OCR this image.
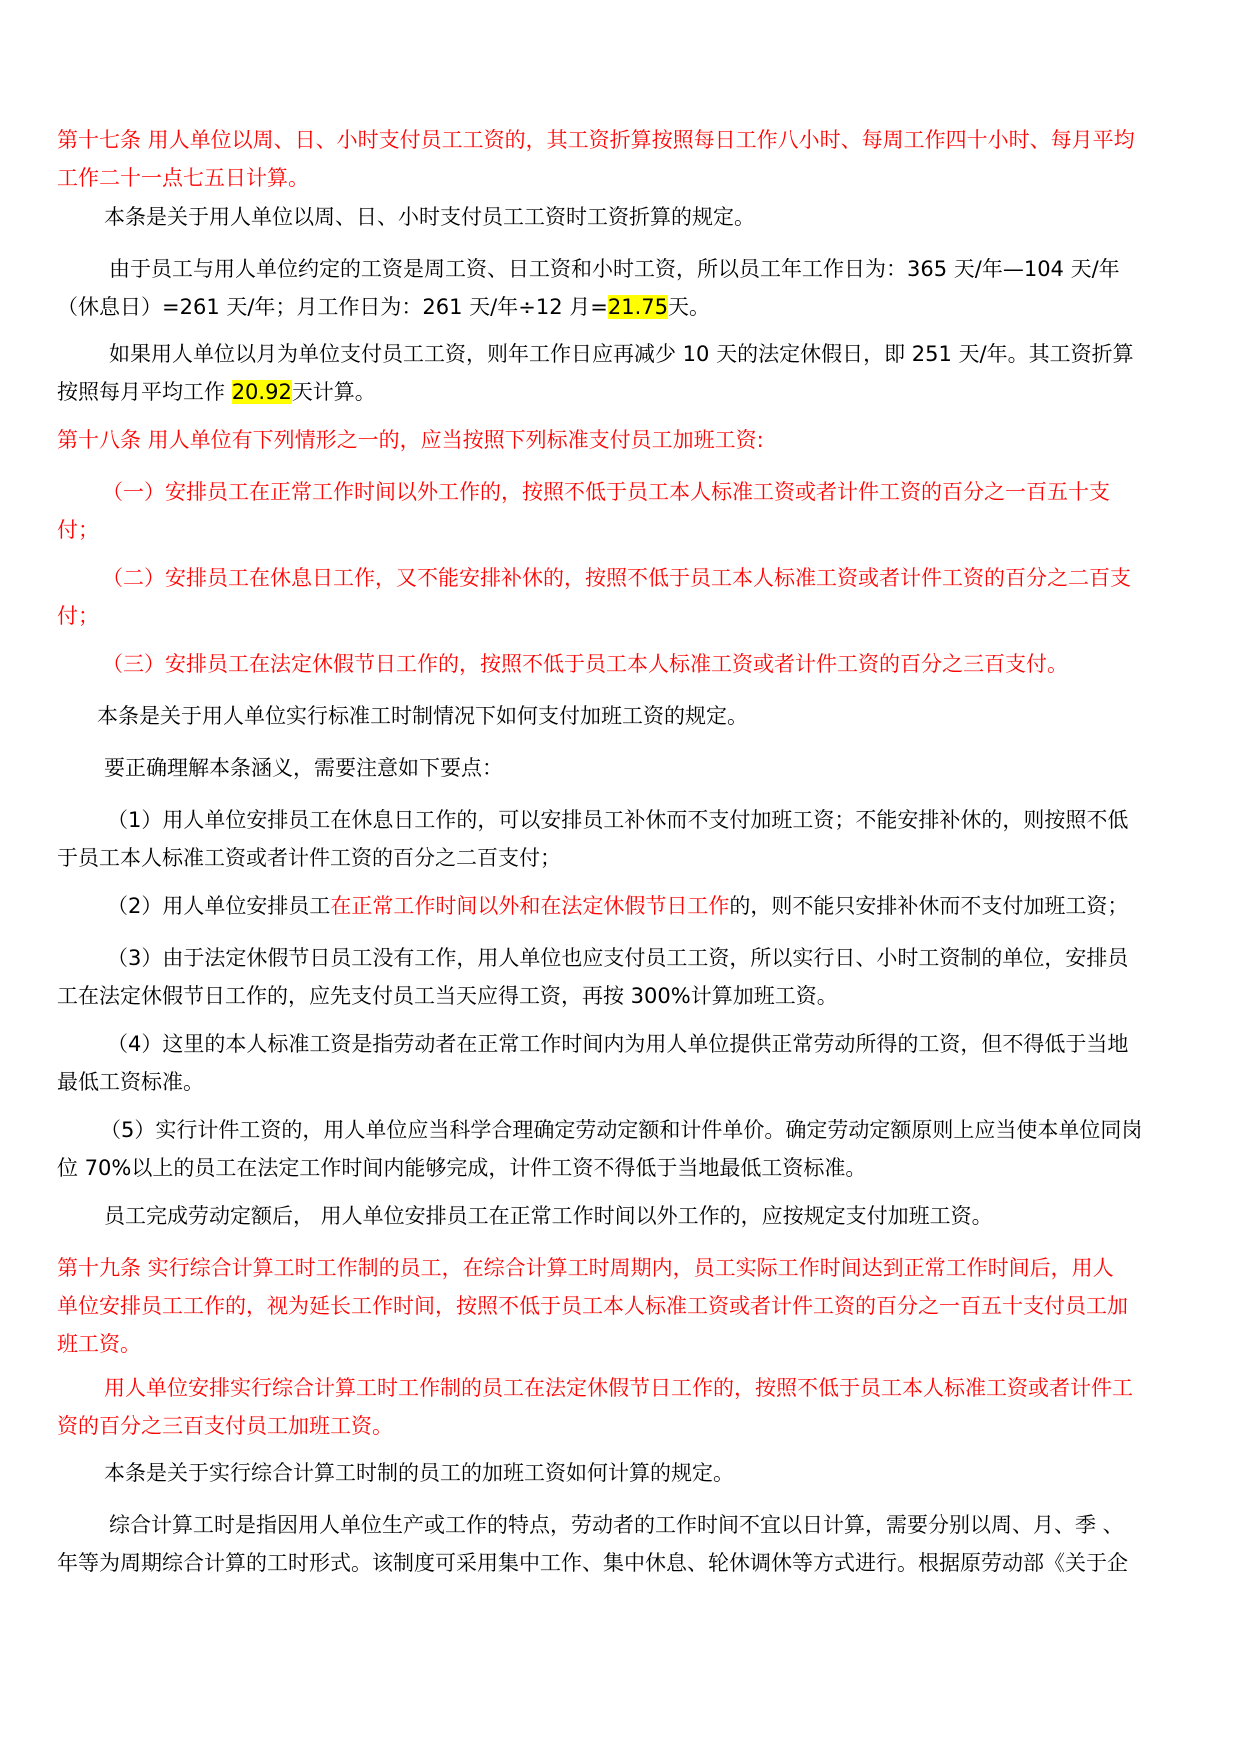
第十七条 用人单位以周、日、小时支付员工工资的，其工资折算按照每日工作八小时、每周工作四十小时、每月平均
工作二十一点七五日计算。
本条是关于用人单位以周、日、小时支付员工工资时工资折算的规定。
由于员工与用人单位约定的工资是周工资、日工资和小时工资，所以员工年工作日为：365 天/年—104 天/年
（休息日）=261 天/年；月工作日为：261 天/年÷12 月=21.75天。
如果用人单位以月为单位支付员工工资，则年工作日应再减少 10 天的法定休假日，即 251 天/年。其工资折算
按照每月平均工作 20.92天计算。
第十八条 用人单位有下列情形之一的，应当按照下列标准支付员工加班工资:
（一）安排员工在正常工作时间以外工作的，按照不低于员工本人标准工资或者计件工资的百分之一百五十支
付；
（二）安排员工在休息日工作，又不能安排补休的，按照不低于员工本人标准工资或者计件工资的百分之二百支
付；
（三）安排员工在法定休假节日工作的，按照不低于员工本人标准工资或者计件工资的百分之三百支付。
本条是关于用人单位实行标准工时制情况下如何支付加班工资的规定。
要正确理解本条涵义，需要注意如下要点：
（1）用人单位安排员工在休息日工作的，可以安排员工补休而不支付加班工资；不能安排补休的，则按照不低
于员工本人标准工资或者计件工资的百分之二百支付；
（2）用人单位安排员工在正常工作时间以外和在法定休假节日工作的，则不能只安排补休而不支付加班工资；
（3）由于法定休假节日员工没有工作，用人单位也应支付员工工资，所以实行日、小时工资制的单位，安排员
工在法定休假节日工作的，应先支付员工当天应得工资，再按 300%计算加班工资。
（4）这里的本人标准工资是指劳动者在正常工作时间内为用人单位提供正常劳动所得的工资，但不得低于当地
最低工资标准。
（5）实行计件工资的，用人单位应当科学合理确定劳动定额和计件单价。确定劳动定额原则上应当使本单位同岗
位 70%以上的员工在法定工作时间内能够完成，计件工资不得低于当地最低工资标准。
员工完成劳动定额后， 用人单位安排员工在正常工作时间以外工作的，应按规定支付加班工资。
第十九条 实行综合计算工时工作制的员工，在综合计算工时周期内，员工实际工作时间达到正常工作时间后，用人
单位安排员工工作的，视为延长工作时间，按照不低于员工本人标准工资或者计件工资的百分之一百五十支付员工加
班工资。
用人单位安排实行综合计算工时工作制的员工在法定休假节日工作的，按照不低于员工本人标准工资或者计件工
资的百分之三百支付员工加班工资。
本条是关于实行综合计算工时制的员工的加班工资如何计算的规定。
综合计算工时是指因用人单位生产或工作的特点，劳动者的工作时间不宜以日计算，需要分别以周、月、季 、
年等为周期综合计算的工时形式。该制度可采用集中工作、集中休息、轮休调休等方式进行。根据原劳动部《关于企
